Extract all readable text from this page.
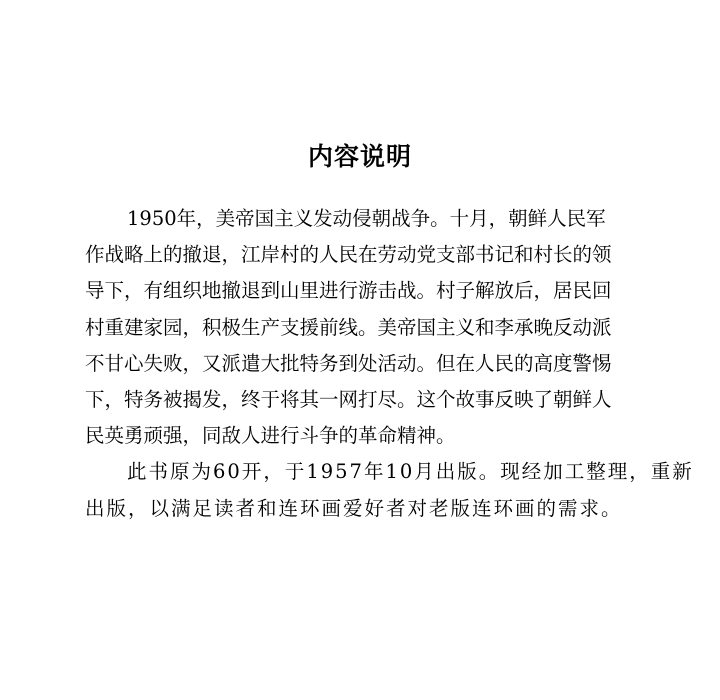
内容说明
1950年，美帝国主义发动侵朝战争。十月，朝鲜人民军
作战略上的撤退，江岸村的人民在劳动党支部书记和村长的领
导下，有组织地撤退到山里进行游击战。村子解放后，居民回
村重建家园，积极生产支援前线。美帝国主义和李承晚反动派
不甘心失败，又派遣大批特务到处活动。但在人民的高度警惕
下，特务被揭发，终于将其一网打尽。这个故事反映了朝鲜人
民英勇顽强，同敌人进行斗争的革命精神。
此书原为60开，于1957年10月出版。现经加工整理，重新
出版，以满足读者和连环画爱好者对老版连环画的需求。
